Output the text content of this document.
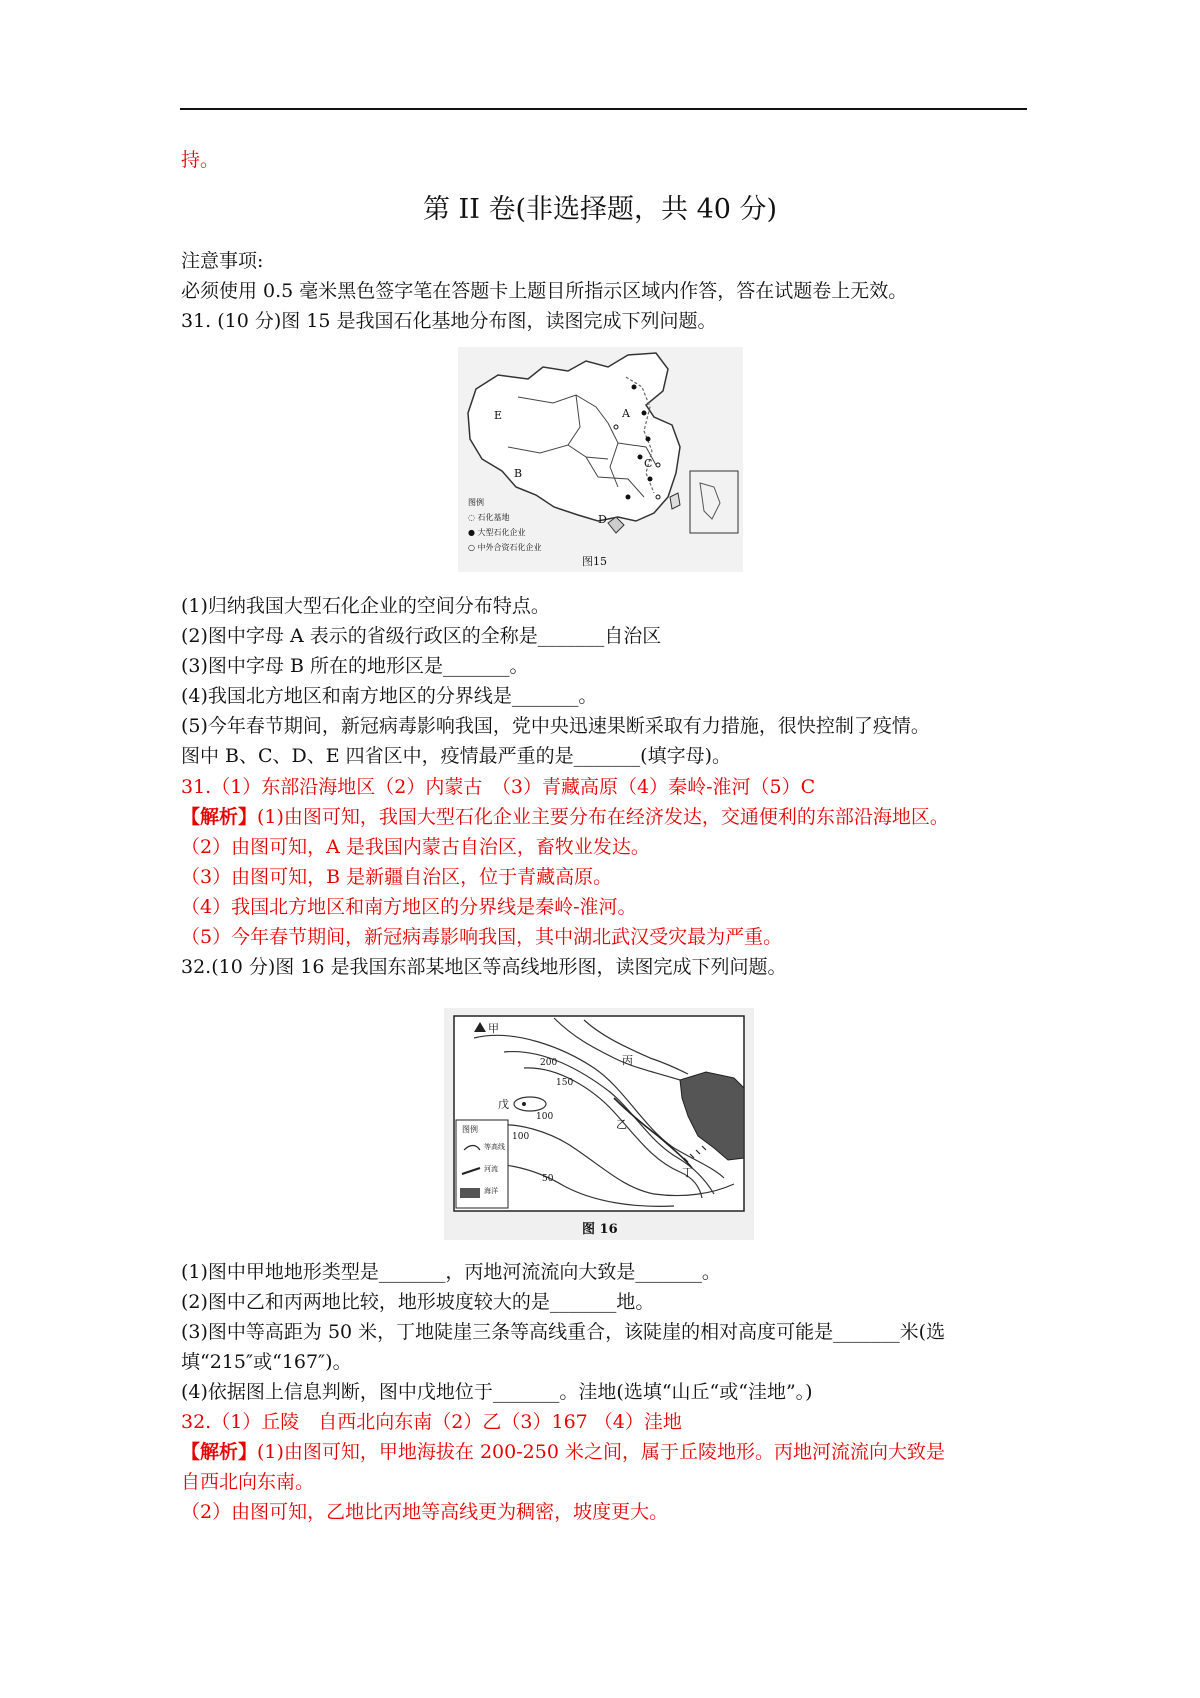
持。
第 II 卷(非选择题，共 40 分)
注意事项:
必须使用 0.5 毫米黑色签字笔在答题卡上题目所指示区域内作答，答在试题卷上无效。
31. (10 分)图 15 是我国石化基地分布图，读图完成下列问题。
A
B
C
D
E
图例
◌ 石化基地
● 大型石化企业
○ 中外合资石化企业
图15
(1)归纳我国大型石化企业的空间分布特点。
(2)图中字母 A 表示的省级行政区的全称是_______自治区
(3)图中字母 B 所在的地形区是_______。
(4)我国北方地区和南方地区的分界线是_______。
(5)今年春节期间，新冠病毒影响我国，党中央迅速果断采取有力措施，很快控制了疫情。
图中 B、C、D、E 四省区中，疫情最严重的是_______(填字母)。
31.（1）东部沿海地区（2）内蒙古　（3）青藏高原（4）秦岭-淮河（5）C
【解析】(1)由图可知，我国大型石化企业主要分布在经济发达，交通便利的东部沿海地区。
（2）由图可知，A 是我国内蒙古自治区，畜牧业发达。
（3）由图可知，B 是新疆自治区，位于青藏高原。
（4）我国北方地区和南方地区的分界线是秦岭-淮河。
（5）今年春节期间，新冠病毒影响我国，其中湖北武汉受灾最为严重。
32.(10 分)图 16 是我国东部某地区等高线地形图，读图完成下列问题。
甲
乙
丙
丁
戊
200
150
100
100
50
图例
等高线
河流
海洋
图 16
(1)图中甲地地形类型是_______，丙地河流流向大致是_______。
(2)图中乙和丙两地比较，地形坡度较大的是_______地。
(3)图中等高距为 50 米，丁地陡崖三条等高线重合，该陡崖的相对高度可能是_______米(选
填“215″或“167″)。
(4)依据图上信息判断，图中戊地位于_______。洼地(选填“山丘“或“洼地”。)
32.（1）丘陵　自西北向东南（2）乙（3）167 （4）洼地
【解析】(1)由图可知，甲地海拔在 200-250 米之间，属于丘陵地形。丙地河流流向大致是
自西北向东南。
（2）由图可知，乙地比丙地等高线更为稠密，坡度更大。
